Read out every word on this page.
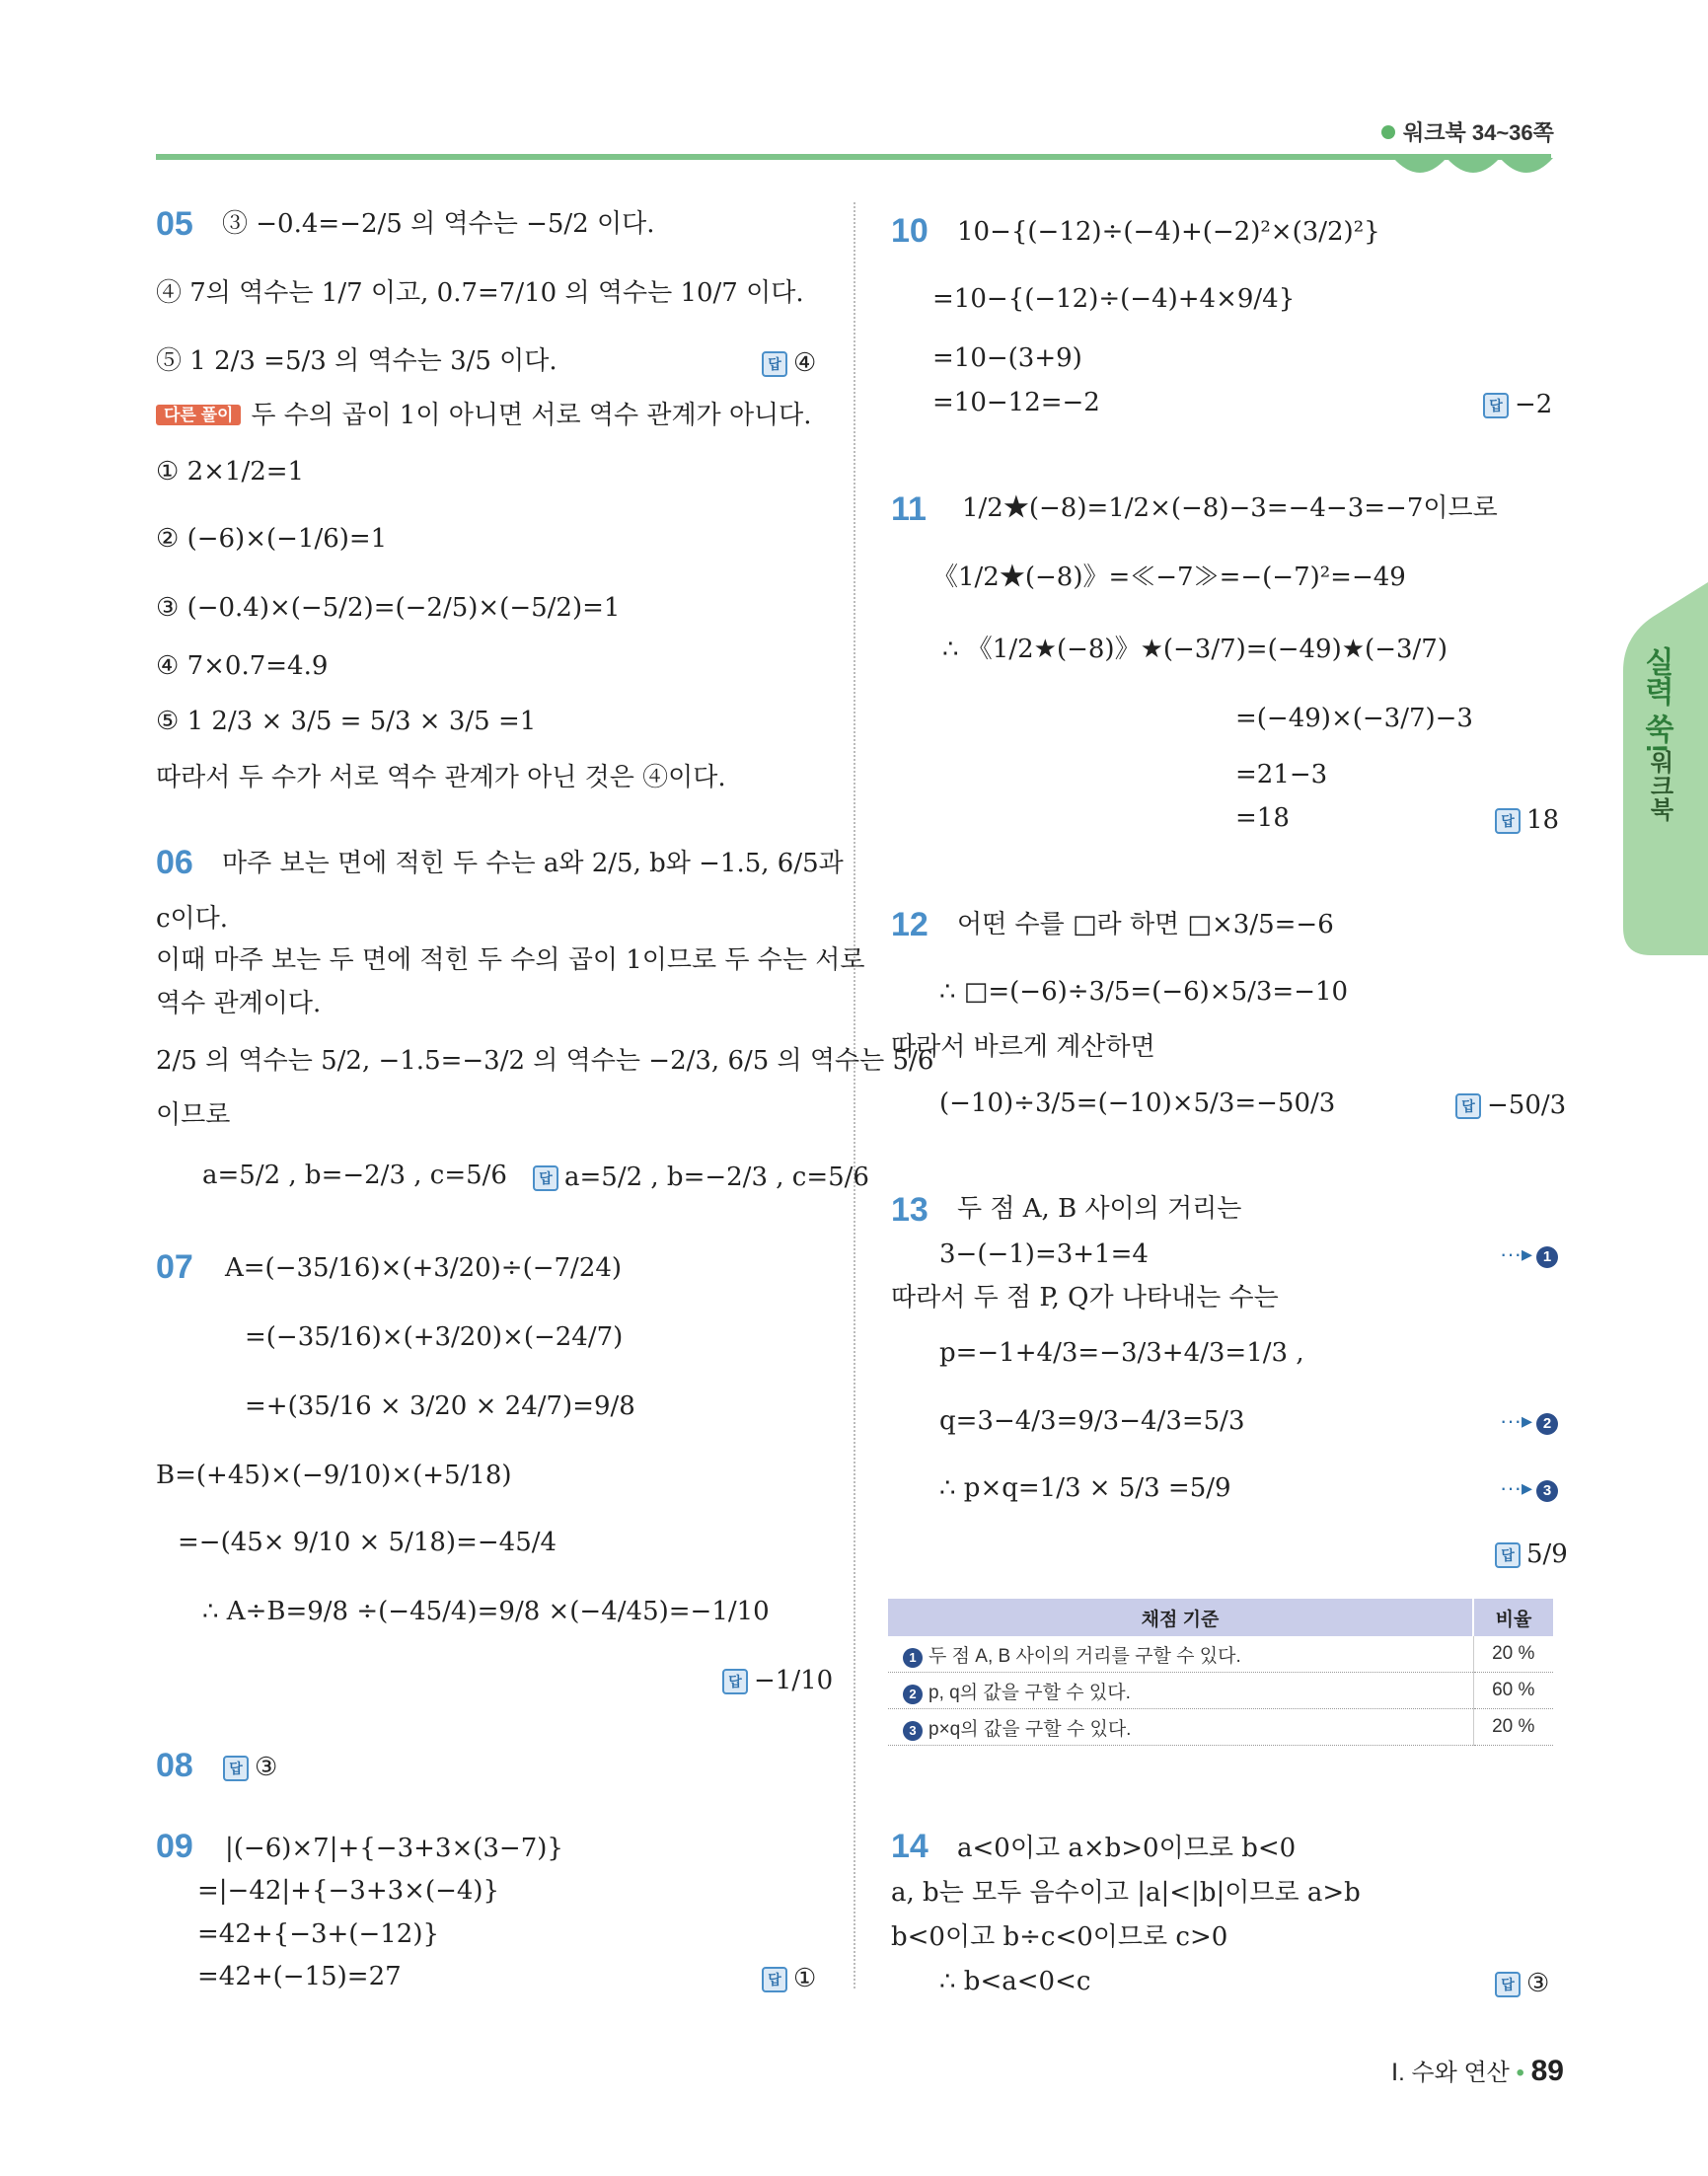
워크북 34~36쪽
실력 쑥!
워크북
05 ③ −0.4=−2/5 의 역수는 −5/2 이다.
④ 7의 역수는 1/7 이고, 0.7=7/10 의 역수는 10/7 이다.
⑤ 1 2/3 =5/3 의 역수는 3/5 이다.	답 ④
다른 풀이 두 수의 곱이 1이 아니면 서로 역수 관계가 아니다.
① 2×1/2=1
② (−6)×(−1/6)=1
③ (−0.4)×(−5/2)=(−2/5)×(−5/2)=1
④ 7×0.7=4.9
⑤ 1 2/3 × 3/5 = 5/3 × 3/5 =1
따라서 두 수가 서로 역수 관계가 아닌 것은 ④이다.
06 마주 보는 면에 적힌 두 수는 a와 2/5, b와 −1.5, 6/5과
c이다.
이때 마주 보는 두 면에 적힌 두 수의 곱이 1이므로 두 수는 서로
역수 관계이다.
2/5 의 역수는 5/2, −1.5=−3/2 의 역수는 −2/3, 6/5 의 역수는 5/6
이므로
a=5/2 , b=−2/3 , c=5/6	답 a=5/2 , b=−2/3 , c=5/6
07 A=(−35/16)×(+3/20)÷(−7/24)
=(−35/16)×(+3/20)×(−24/7)
=+(35/16 × 3/20 × 24/7)=9/8
B=(+45)×(−9/10)×(+5/18)
=−(45× 9/10 × 5/18)=−45/4
∴ A÷B=9/8 ÷(−45/4)=9/8 ×(−4/45)=−1/10
답 −1/10
08	답 ③
09 |(−6)×7|+{−3+3×(3−7)}
=|−42|+{−3+3×(−4)}
=42+{−3+(−12)}
=42+(−15)=27	답 ①
10 10−{(−12)÷(−4)+(−2)²×(3/2)²}
=10−{(−12)÷(−4)+4×9/4}
=10−(3+9)
=10−12=−2	답 −2
11 1/2★(−8)=1/2×(−8)−3=−4−3=−7이므로
《1/2★(−8)》=≪−7≫=−(−7)²=−49
∴ 《1/2★(−8)》★(−3/7)=(−49)★(−3/7)
=(−49)×(−3/7)−3
=21−3
=18	답 18
12 어떤 수를 □라 하면 □×3/5=−6
∴ □=(−6)÷3/5=(−6)×5/3=−10
따라서 바르게 계산하면
(−10)÷3/5=(−10)×5/3=−50/3	답 −50/3
13 두 점 A, B 사이의 거리는
3−(−1)=3+1=4	···▸ 1
따라서 두 점 P, Q가 나타내는 수는
p=−1+4/3=−3/3+4/3=1/3 ,
q=3−4/3=9/3−4/3=5/3	···▸ 2
∴ p×q=1/3 × 5/3 =5/9	···▸ 3
답 5/9
채점 기준	비율
1 두 점 A, B 사이의 거리를 구할 수 있다.	20 %
2 p, q의 값을 구할 수 있다.	60 %
3 p×q의 값을 구할 수 있다.	20 %
14 a<0이고 a×b>0이므로 b<0
a, b는 모두 음수이고 |a|<|b|이므로 a>b
b<0이고 b÷c<0이므로 c>0
∴ b<a<0<c	답 ③
Ⅰ. 수와 연산 • 89
